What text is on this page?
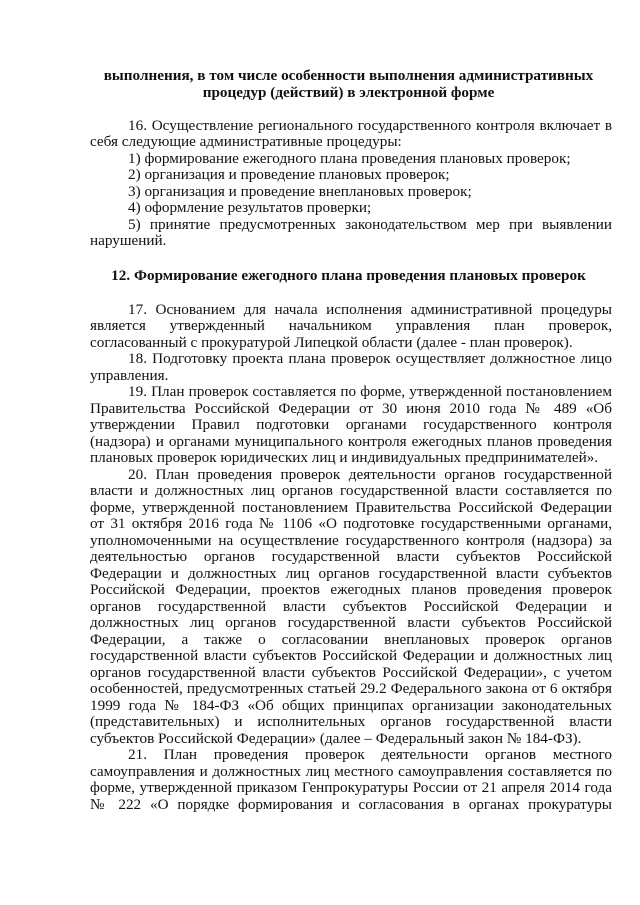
выполнения, в том числе особенности выполнения административных
процедур (действий) в электронной форме
16. Осуществление регионального государственного контроля включает в
себя следующие административные процедуры:
1) формирование ежегодного плана проведения плановых проверок;
2) организация и проведение плановых проверок;
3) организация и проведение внеплановых проверок;
4) оформление результатов проверки;
5) принятие предусмотренных законодательством мер при выявлении
нарушений.
12. Формирование ежегодного плана проведения плановых проверок
17. Основанием для начала исполнения административной процедуры
является утвержденный начальником управления план проверок,
согласованный с прокуратурой Липецкой области (далее - план проверок).
18. Подготовку проекта плана проверок осуществляет должностное лицо
управления.
19. План проверок составляется по форме, утвержденной постановлением
Правительства Российской Федерации от 30 июня 2010 года № 489 «Об
утверждении Правил подготовки органами государственного контроля
(надзора) и органами муниципального контроля ежегодных планов проведения
плановых проверок юридических лиц и индивидуальных предпринимателей».
20. План проведения проверок деятельности органов государственной
власти и должностных лиц органов государственной власти составляется по
форме, утвержденной постановлением Правительства Российской Федерации
от 31 октября 2016 года № 1106 «О подготовке государственными органами,
уполномоченными на осуществление государственного контроля (надзора) за
деятельностью органов государственной власти субъектов Российской
Федерации и должностных лиц органов государственной власти субъектов
Российской Федерации, проектов ежегодных планов проведения проверок
органов государственной власти субъектов Российской Федерации и
должностных лиц органов государственной власти субъектов Российской
Федерации, а также о согласовании внеплановых проверок органов
государственной власти субъектов Российской Федерации и должностных лиц
органов государственной власти субъектов Российской Федерации», с учетом
особенностей, предусмотренных статьей 29.2 Федерального закона от 6 октября
1999 года № 184-ФЗ «Об общих принципах организации законодательных
(представительных) и исполнительных органов государственной власти
субъектов Российской Федерации» (далее – Федеральный закон № 184-ФЗ).
21. План проведения проверок деятельности органов местного
самоуправления и должностных лиц местного самоуправления составляется по
форме, утвержденной приказом Генпрокуратуры России от 21 апреля 2014 года
№ 222 «О порядке формирования и согласования в органах прокуратуры
